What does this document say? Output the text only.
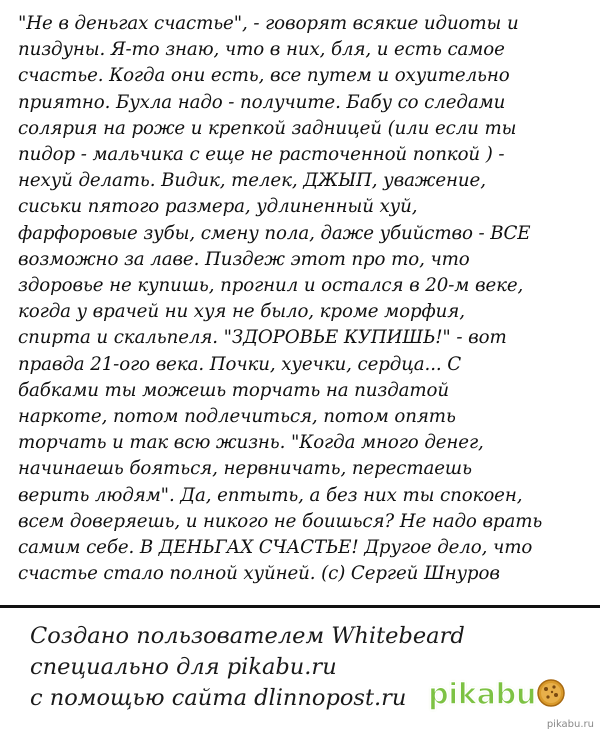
"Не в деньгах счастье", - говорят всякие идиоты и
пиздуны. Я-то знаю, что в них, бля, и есть самое
счастье. Когда они есть, все путем и охуительно
приятно. Бухла надо - получите. Бабу со следами
солярия на роже и крепкой задницей (или если ты
пидор - мальчика с еще не расточенной попкой ) -
нехуй делать. Видик, телек, ДЖЫП, уважение,
сиськи пятого размера, удлиненный хуй,
фарфоровые зубы, смену пола, даже убийство - ВСЕ
возможно за лаве. Пиздеж этот про то, что
здоровье не купишь, прогнил и остался в 20-м веке,
когда у врачей ни хуя не было, кроме морфия,
спирта и скальпеля. "ЗДОРОВЬЕ КУПИШЬ!" - вот
правда 21-ого века. Почки, хуечки, сердца... С
бабками ты можешь торчать на пиздатой
наркоте, потом подлечиться, потом опять
торчать и так всю жизнь. "Когда много денег,
начинаешь бояться, нервничать, перестаешь
верить людям". Да, ептыть, а без них ты спокоен,
всем доверяешь, и никого не боишься? Не надо врать
самим себе. В ДЕНЬГАХ СЧАСТЬЕ! Другое дело, что
счастье стало полной хуйней. (с) Сергей Шнуров
Создано пользователем Whitebeard
специально для pikabu.ru
с помощью сайта dlinnopost.ru pikabu
pikabu.ru
